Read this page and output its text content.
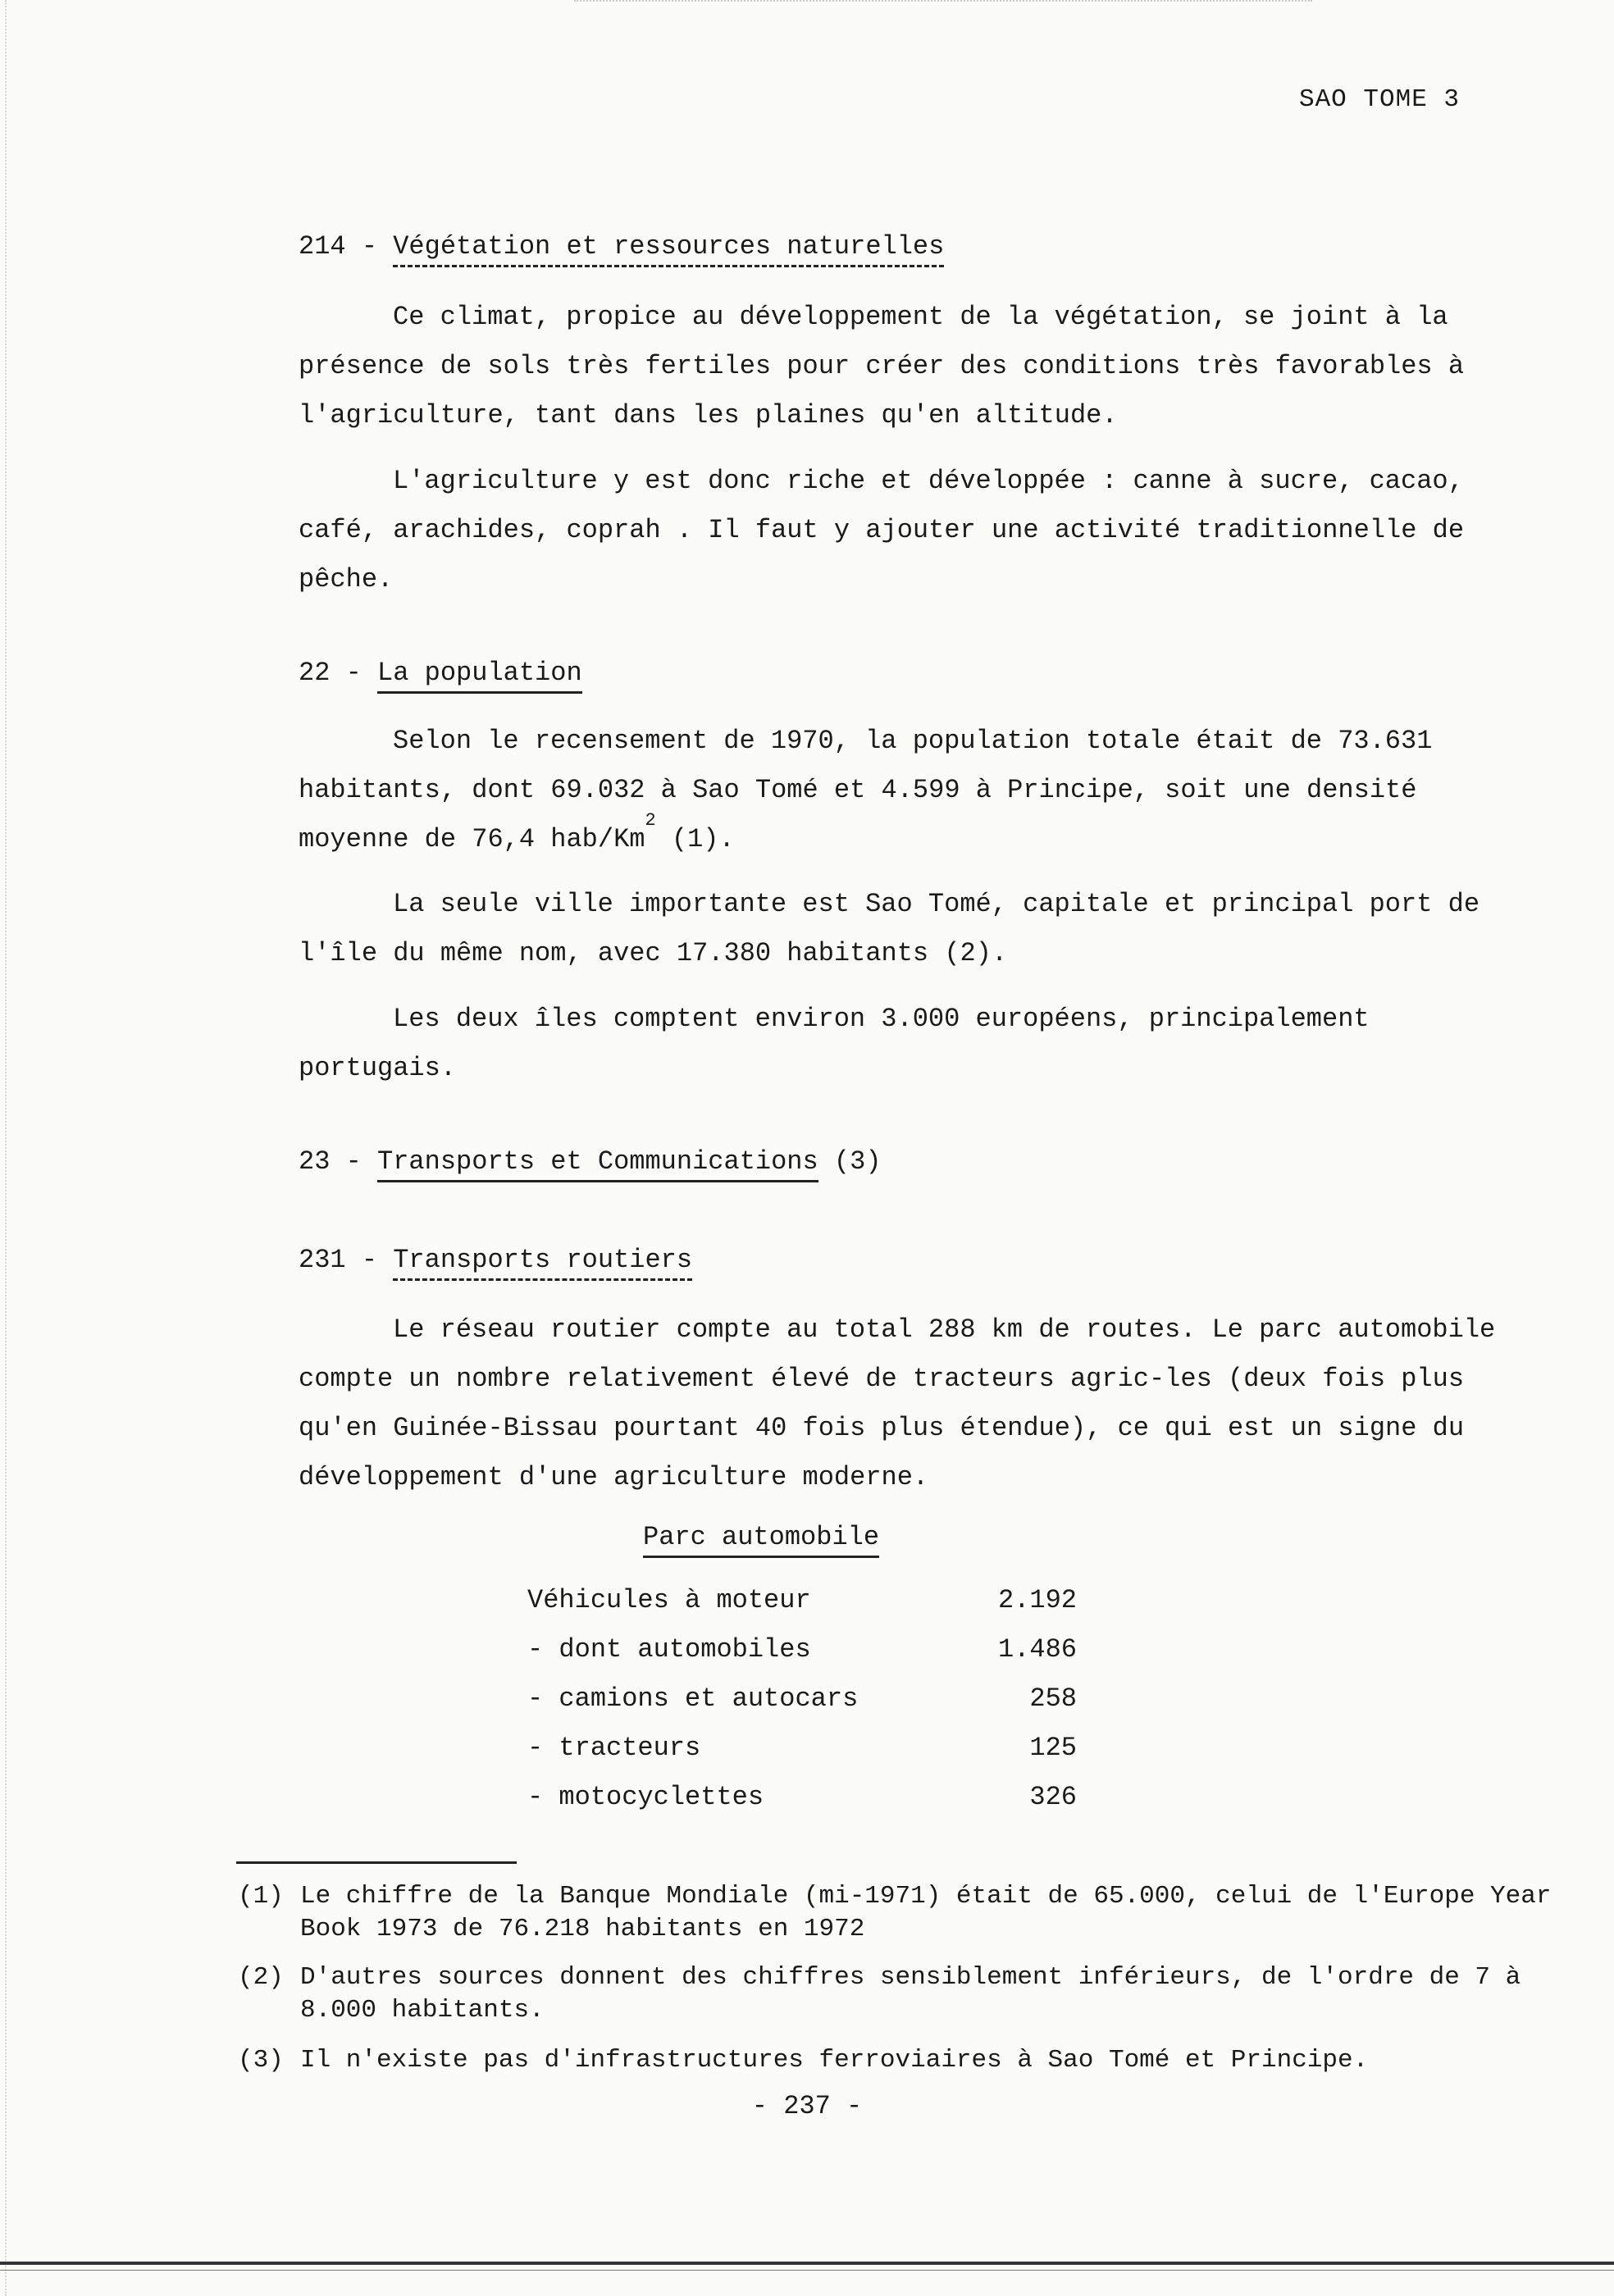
SAO TOME 3
214 - Végétation et ressources naturelles
Ce climat, propice au développement de la végétation, se joint à la présence de sols très fertiles pour créer des conditions très favorables à l'agriculture, tant dans les plaines qu'en altitude.
L'agriculture y est donc riche et développée : canne à sucre, cacao, café, arachides, coprah . Il faut y ajouter une activité traditionnelle de pêche.
22 - La population
Selon le recensement de 1970, la population totale était de 73.631 habitants, dont 69.032 à Sao Tomé et 4.599 à Principe, soit une densité moyenne de 76,4 hab/Km$^2$ (1).
La seule ville importante est Sao Tomé, capitale et principal port de l'île du même nom, avec 17.380 habitants (2).
Les deux îles comptent environ 3.000 européens, principalement portugais.
23 - Transports et Communications (3)
231 - Transports routiers
Le réseau routier compte au total 288 km de routes. Le parc automobile compte un nombre relativement élevé de tracteurs agric-les (deux fois plus qu'en Guinée-Bissau pourtant 40 fois plus étendue), ce qui est un signe du développement d'une agriculture moderne.
Parc automobile
Véhicules à moteur	2.192
- dont automobiles	1.486
- camions et autocars	258
- tracteurs	125
- motocyclettes	326
(1) Le chiffre de la Banque Mondiale (mi-1971) était de 65.000, celui de l'Europe Year Book 1973 de 76.218 habitants en 1972
(2) D'autres sources donnent des chiffres sensiblement inférieurs, de l'ordre de 7 à 8.000 habitants.
(3) Il n'existe pas d'infrastructures ferroviaires à Sao Tomé et Principe.
- 237 -
